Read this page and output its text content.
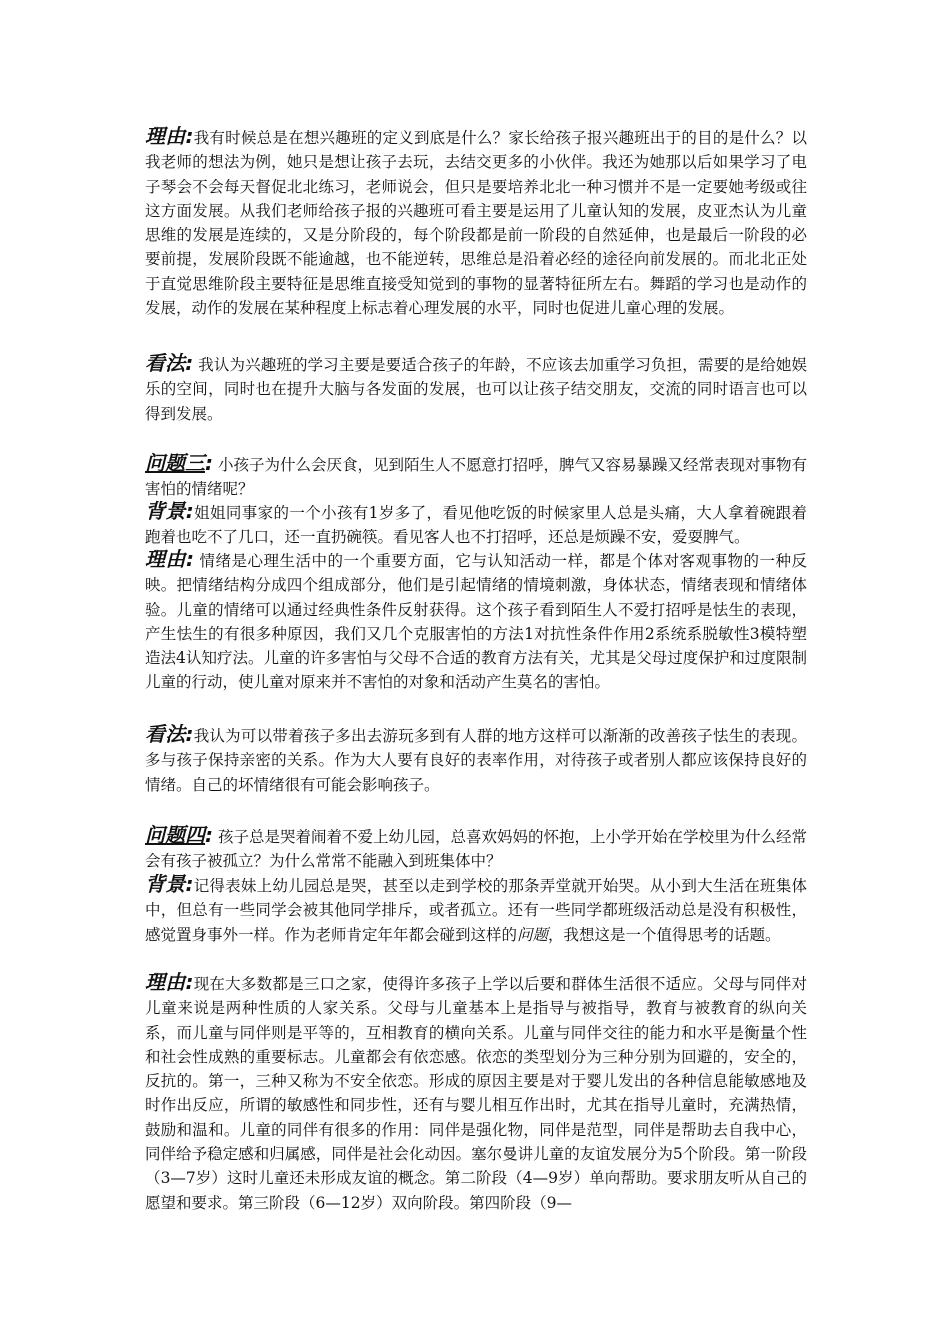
理由:我有时候总是在想兴趣班的定义到底是什么？家长给孩子报兴趣班出于的目的是什么？以我老师的想法为例，她只是想让孩子去玩，去结交更多的小伙伴。我还为她那以后如果学习了电子琴会不会每天督促北北练习，老师说会，但只是要培养北北一种习惯并不是一定要她考级或往这方面发展。从我们老师给孩子报的兴趣班可看主要是运用了儿童认知的发展，皮亚杰认为儿童思维的发展是连续的，又是分阶段的，每个阶段都是前一阶段的自然延伸，也是最后一阶段的必要前提，发展阶段既不能逾越，也不能逆转，思维总是沿着必经的途径向前发展的。而北北正处于直觉思维阶段主要特征是思维直接受知觉到的事物的显著特征所左右。舞蹈的学习也是动作的发展，动作的发展在某种程度上标志着心理发展的水平，同时也促进儿童心理的发展。

看法: 我认为兴趣班的学习主要是要适合孩子的年龄，不应该去加重学习负担，需要的是给她娱乐的空间，同时也在提升大脑与各发面的发展，也可以让孩子结交朋友，交流的同时语言也可以得到发展。

问题三: 小孩子为什么会厌食，见到陌生人不愿意打招呼，脾气又容易暴躁又经常表现对事物有害怕的情绪呢？

背景:姐姐同事家的一个小孩有1岁多了，看见他吃饭的时候家里人总是头痛，大人拿着碗跟着跑着也吃不了几口，还一直扔碗筷。看见客人也不打招呼，还总是烦躁不安，爱耍脾气。

理由: 情绪是心理生活中的一个重要方面，它与认知活动一样，都是个体对客观事物的一种反映。把情绪结构分成四个组成部分，他们是引起情绪的情境刺激，身体状态，情绪表现和情绪体验。儿童的情绪可以通过经典性条件反射获得。这个孩子看到陌生人不爱打招呼是怯生的表现，产生怯生的有很多种原因，我们又几个克服害怕的方法1对抗性条件作用2系统系脱敏性3模特塑造法4认知疗法。儿童的许多害怕与父母不合适的教育方法有关，尤其是父母过度保护和过度限制儿童的行动，使儿童对原来并不害怕的对象和活动产生莫名的害怕。

看法:我认为可以带着孩子多出去游玩多到有人群的地方这样可以渐渐的改善孩子怯生的表现。多与孩子保持亲密的关系。作为大人要有良好的表率作用，对待孩子或者别人都应该保持良好的情绪。自己的坏情绪很有可能会影响孩子。

问题四: 孩子总是哭着闹着不爱上幼儿园，总喜欢妈妈的怀抱，上小学开始在学校里为什么经常会有孩子被孤立？为什么常常不能融入到班集体中？

背景:记得表妹上幼儿园总是哭，甚至以走到学校的那条弄堂就开始哭。从小到大生活在班集体中，但总有一些同学会被其他同学排斥，或者孤立。还有一些同学都班级活动总是没有积极性，感觉置身事外一样。作为老师肯定年年都会碰到这样的问题，我想这是一个值得思考的话题。

理由:现在大多数都是三口之家，使得许多孩子上学以后要和群体生活很不适应。父母与同伴对儿童来说是两种性质的人家关系。父母与儿童基本上是指导与被指导，教育与被教育的纵向关系，而儿童与同伴则是平等的，互相教育的横向关系。儿童与同伴交往的能力和水平是衡量个性和社会性成熟的重要标志。儿童都会有依恋感。依恋的类型划分为三种分别为回避的，安全的，反抗的。第一，三种又称为不安全依恋。形成的原因主要是对于婴儿发出的各种信息能敏感地及时作出反应，所谓的敏感性和同步性，还有与婴儿相互作出时，尤其在指导儿童时，充满热情，鼓励和温和。儿童的同伴有很多的作用：同伴是强化物，同伴是范型，同伴是帮助去自我中心，同伴给予稳定感和归属感，同伴是社会化动因。塞尔曼讲儿童的友谊发展分为5个阶段。第一阶段（3—7岁）这时儿童还未形成友谊的概念。第二阶段（4—9岁）单向帮助。要求朋友听从自己的愿望和要求。第三阶段（6—12岁）双向阶段。第四阶段（9—
